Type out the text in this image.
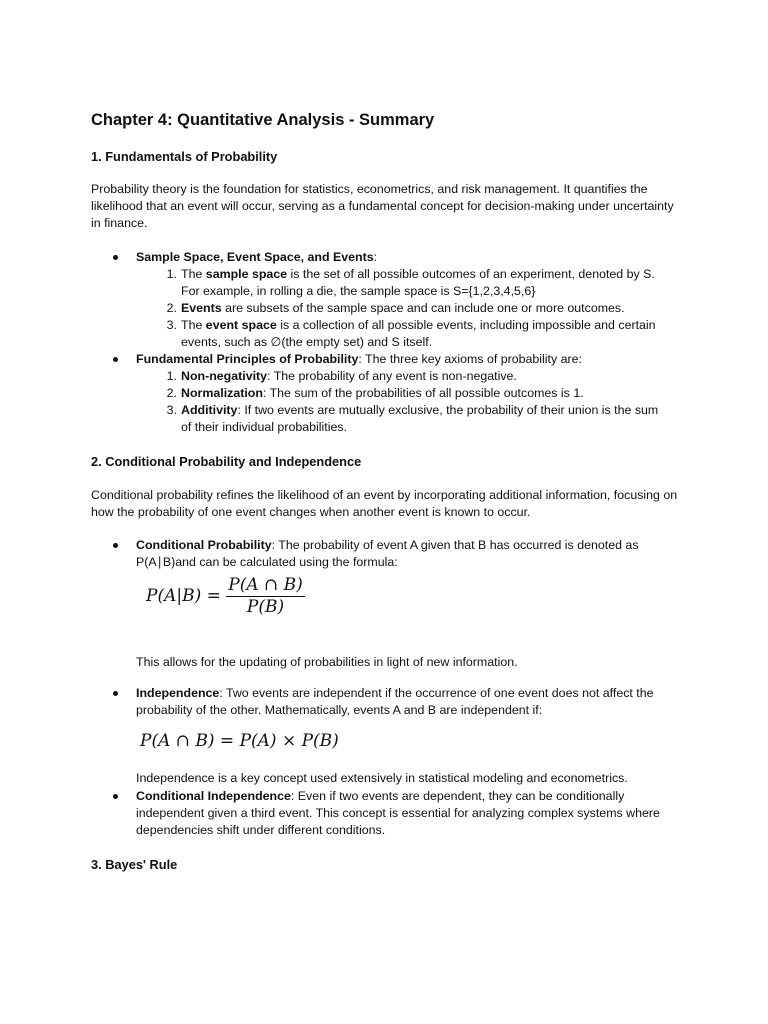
Chapter 4: Quantitative Analysis - Summary
1. Fundamentals of Probability

Probability theory is the foundation for statistics, econometrics, and risk management. It quantifies the likelihood that an event will occur, serving as a fundamental concept for decision-making under uncertainty in finance.

Sample Space, Event Space, and Events:
1. The sample space is the set of all possible outcomes of an experiment, denoted by S. For example, in rolling a die, the sample space is S={1,2,3,4,5,6}
2. Events are subsets of the sample space and can include one or more outcomes.
3. The event space is a collection of all possible events, including impossible and certain events, such as ∅(the empty set) and S itself.
Fundamental Principles of Probability: The three key axioms of probability are:
1. Non-negativity: The probability of any event is non-negative.
2. Normalization: The sum of the probabilities of all possible outcomes is 1.
3. Additivity: If two events are mutually exclusive, the probability of their union is the sum of their individual probabilities.
2. Conditional Probability and Independence

Conditional probability refines the likelihood of an event by incorporating additional information, focusing on how the probability of one event changes when another event is known to occur.

Conditional Probability: The probability of event A given that B has occurred is denoted as P(A∣B)and can be calculated using the formula:
$P(A|B) = \frac{P(A \cap B)}{P(B)}$

This allows for the updating of probabilities in light of new information.

Independence: Two events are independent if the occurrence of one event does not affect the probability of the other. Mathematically, events A and B are independent if:
P(A ∩ B) = P(A) × P(B)

Independence is a key concept used extensively in statistical modeling and econometrics.

Conditional Independence: Even if two events are dependent, they can be conditionally independent given a third event. This concept is essential for analyzing complex systems where dependencies shift under different conditions.
3. Bayes' Rule
